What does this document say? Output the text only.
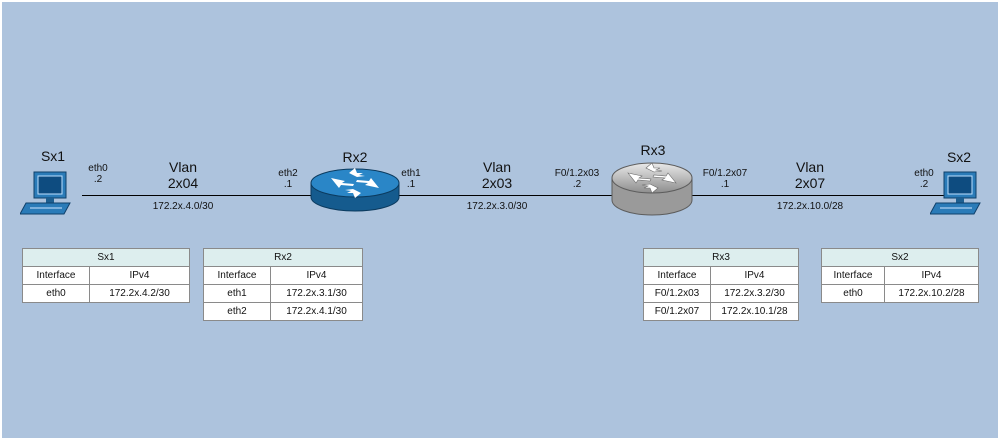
Sx1	Rx2	Rx3	Sx2
eth0
.2
Vlan
2x04
172.2x.4.0/30
eth2
.1
eth1
.1
Vlan
2x03
172.2x.3.0/30
F0/1.2x03
.2
F0/1.2x07
.1
Vlan
2x07
172.2x.10.0/28
eth0
.2
Sx1	
Interface	IPv4
eth0	172.2x.4.2/30
Rx2	
Interface	IPv4
eth1	172.2x.3.1/30
eth2	172.2x.4.1/30
Rx3	
Interface	IPv4
F0/1.2x03	172.2x.3.2/30
F0/1.2x07	172.2x.10.1/28
Sx2	
Interface	IPv4
eth0	172.2x.10.2/28
